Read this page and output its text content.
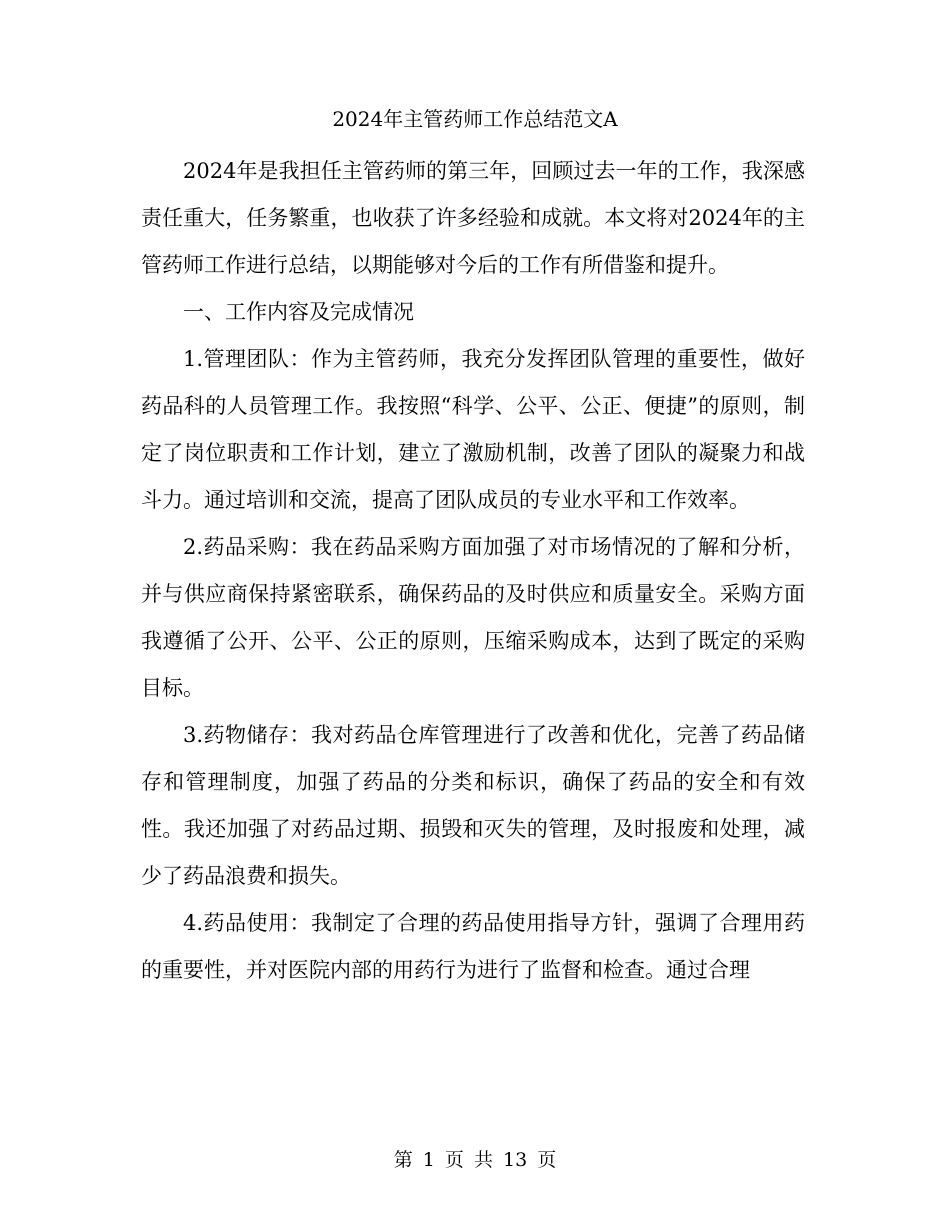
2024年主管药师工作总结范文A

2024年是我担任主管药师的第三年，回顾过去一年的工作，我深感责任重大，任务繁重，也收获了许多经验和成就。本文将对2024年的主管药师工作进行总结，以期能够对今后的工作有所借鉴和提升。

一、工作内容及完成情况

1.管理团队：作为主管药师，我充分发挥团队管理的重要性，做好药品科的人员管理工作。我按照“科学、公平、公正、便捷”的原则，制定了岗位职责和工作计划，建立了激励机制，改善了团队的凝聚力和战斗力。通过培训和交流，提高了团队成员的专业水平和工作效率。

2.药品采购：我在药品采购方面加强了对市场情况的了解和分析，并与供应商保持紧密联系，确保药品的及时供应和质量安全。采购方面我遵循了公开、公平、公正的原则，压缩采购成本，达到了既定的采购目标。

3.药物储存：我对药品仓库管理进行了改善和优化，完善了药品储存和管理制度，加强了药品的分类和标识，确保了药品的安全和有效性。我还加强了对药品过期、损毁和灭失的管理，及时报废和处理，减少了药品浪费和损失。

4.药品使用：我制定了合理的药品使用指导方针，强调了合理用药的重要性，并对医院内部的用药行为进行了监督和检查。通过合理

第 1 页 共 13 页
